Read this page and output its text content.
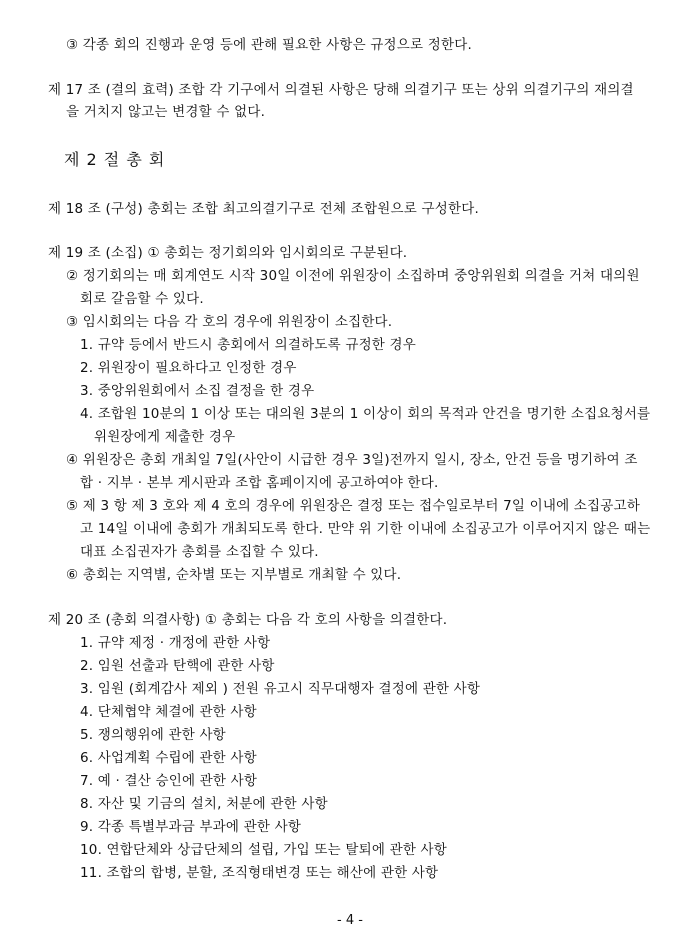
③ 각종 회의 진행과 운영 등에 관해 필요한 사항은 규정으로 정한다.
제 17 조 (결의 효력) 조합 각 기구에서 의결된 사항은 당해 의결기구 또는 상위 의결기구의 재의결
을 거치지 않고는 변경할 수 없다.
제 2 절 총 회
제 18 조 (구성) 총회는 조합 최고의결기구로 전체 조합원으로 구성한다.
제 19 조 (소집) ① 총회는 정기회의와 임시회의로 구분된다.
② 정기회의는 매 회계연도 시작 30일 이전에 위원장이 소집하며 중앙위원회 의결을 거쳐 대의원
회로 갈음할 수 있다.
③ 임시회의는 다음 각 호의 경우에 위원장이 소집한다.
1. 규약 등에서 반드시 총회에서 의결하도록 규정한 경우
2. 위원장이 필요하다고 인정한 경우
3. 중앙위원회에서 소집 결정을 한 경우
4. 조합원 10분의 1 이상 또는 대의원 3분의 1 이상이 회의 목적과 안건을 명기한 소집요청서를
위원장에게 제출한 경우
④ 위원장은 총회 개최일 7일(사안이 시급한 경우 3일)전까지 일시, 장소, 안건 등을 명기하여 조
합 · 지부 · 본부 게시판과 조합 홈페이지에 공고하여야 한다.
⑤ 제 3 항 제 3 호와 제 4 호의 경우에 위원장은 결정 또는 접수일로부터 7일 이내에 소집공고하
고 14일 이내에 총회가 개최되도록 한다. 만약 위 기한 이내에 소집공고가 이루어지지 않은 때는
대표 소집권자가 총회를 소집할 수 있다.
⑥ 총회는 지역별, 순차별 또는 지부별로 개최할 수 있다.
제 20 조 (총회 의결사항) ① 총회는 다음 각 호의 사항을 의결한다.
1. 규약 제정 · 개정에 관한 사항
2. 임원 선출과 탄핵에 관한 사항
3. 임원 (회계감사 제외 ) 전원 유고시 직무대행자 결정에 관한 사항
4. 단체협약 체결에 관한 사항
5. 쟁의행위에 관한 사항
6. 사업계획 수립에 관한 사항
7. 예 · 결산 승인에 관한 사항
8. 자산 및 기금의 설치, 처분에 관한 사항
9. 각종 특별부과금 부과에 관한 사항
10. 연합단체와 상급단체의 설립, 가입 또는 탈퇴에 관한 사항
11. 조합의 합병, 분할, 조직형태변경 또는 해산에 관한 사항
- 4 -
